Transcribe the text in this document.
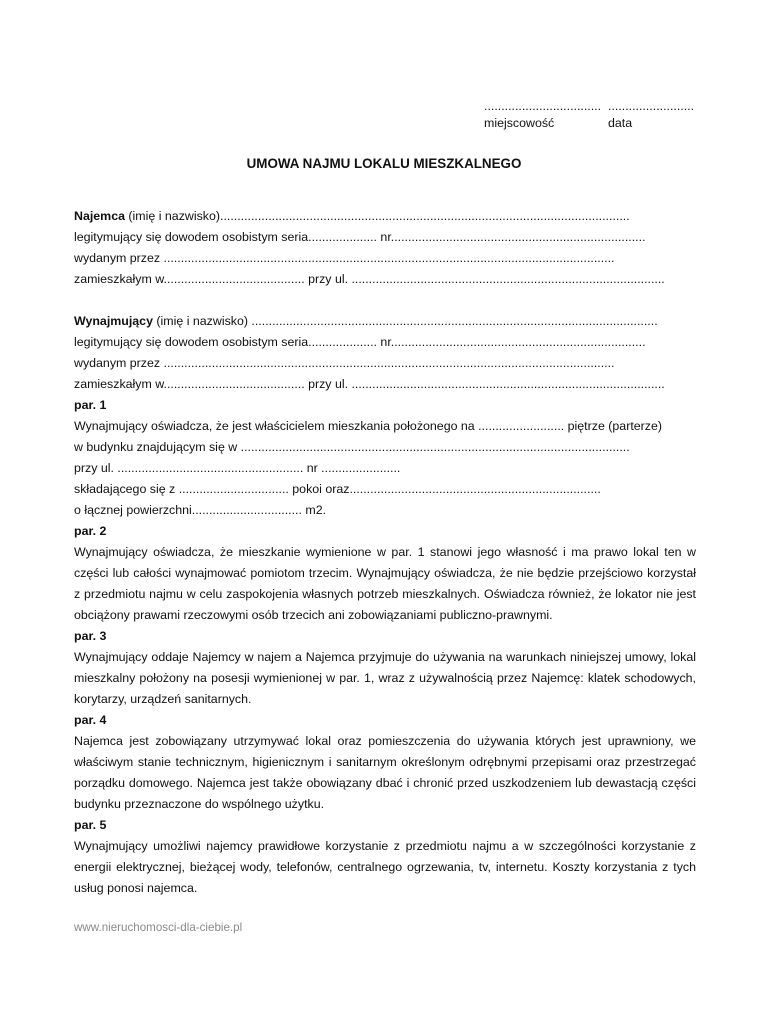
.................................. .........................
miejscowość	data
UMOWA NAJMU LOKALU MIESZKALNEGO
Najemca (imię i nazwisko).......................................................................................................................
legitymujący się dowodem osobistym seria.................... nr..........................................................................
wydanym przez ...................................................................................................................................
zamieszkałym w......................................... przy ul. ...........................................................................................
Wynajmujący (imię i nazwisko) ......................................................................................................................
legitymujący się dowodem osobistym seria.................... nr..........................................................................
wydanym przez ...................................................................................................................................
zamieszkałym w......................................... przy ul. ...........................................................................................
par. 1
Wynajmujący oświadcza, że jest właścicielem mieszkania położonego na ......................... piętrze (parterze)
w budynku znajdującym się w .................................................................................................................
przy ul. ...................................................... nr .......................
składającego się z ................................ pokoi oraz.........................................................................
o łącznej powierzchni................................ m2.
par. 2
Wynajmujący oświadcza, że mieszkanie wymienione w par. 1 stanowi jego własność i ma prawo lokal ten w części lub całości wynajmować pomiotom trzecim. Wynajmujący oświadcza, że nie będzie przejściowo korzystał z przedmiotu najmu w celu zaspokojenia własnych potrzeb mieszkalnych. Oświadcza również, że lokator nie jest obciążony prawami rzeczowymi osób trzecich ani zobowiązaniami publiczno-prawnymi.
par. 3
Wynajmujący oddaje Najemcy w najem a Najemca przyjmuje do używania na warunkach niniejszej umowy, lokal mieszkalny położony na posesji wymienionej w par. 1, wraz z używalnością przez Najemcę: klatek schodowych, korytarzy, urządzeń sanitarnych.
par. 4
Najemca jest zobowiązany utrzymywać lokal oraz pomieszczenia do używania których jest uprawniony, we właściwym stanie technicznym, higienicznym i sanitarnym określonym odrębnymi przepisami oraz przestrzegać porządku domowego. Najemca jest także obowiązany dbać i chronić przed uszkodzeniem lub dewastacją części budynku przeznaczone do wspólnego użytku.
par. 5
Wynajmujący umożliwi najemcy prawidłowe korzystanie z przedmiotu najmu a w szczególności korzystanie z energii elektrycznej, bieżącej wody, telefonów, centralnego ogrzewania, tv, internetu. Koszty korzystania z tych usług ponosi najemca.
www.nieruchomosci-dla-ciebie.pl
